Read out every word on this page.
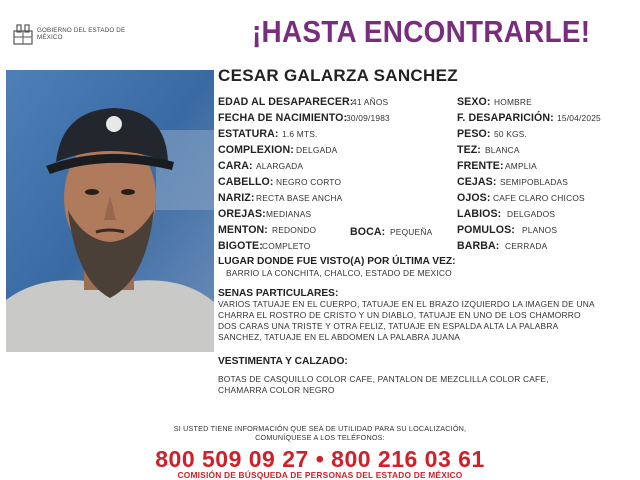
GOBIERNO DEL ESTADO DE MÉXICO	¡HASTA ENCONTRARLE!
CESAR GALARZA SANCHEZ
EDAD AL DESAPARECER:
41 AÑOS
FECHA DE NACIMIENTO:
30/09/1983
ESTATURA: 1.6 MTS.
COMPLEXION: DELGADA
CARA: ALARGADA
CABELLO: NEGRO CORTO
NARIZ: RECTA BASE ANCHA
OREJAS: MEDIANAS
MENTON: REDONDO	BOCA: PEQUEÑA
BIGOTE: COMPLETO
SEXO: HOMBRE
F. DESAPARICIÓN: 15/04/2025
PESO: 50 KGS.
TEZ: BLANCA
FRENTE: AMPLIA
CEJAS: SEMIPOBLADAS
OJOS: CAFE CLARO CHICOS
LABIOS: DELGADOS
POMULOS: PLANOS
BARBA: CERRADA
LUGAR DONDE FUE VISTO(A) POR ÚLTIMA VEZ:
BARRIO LA CONCHITA, CHALCO, ESTADO DE MEXICO
SENAS PARTICULARES:
VARIOS TATUAJE EN EL CUERPO, TATUAJE EN EL BRAZO IZQUIERDO LA IMAGEN DE UNA
CHARRA EL ROSTRO DE CRISTO Y UN DIABLO, TATUAJE EN UNO DE LOS CHAMORRO
DOS CARAS UNA TRISTE Y OTRA FELIZ, TATUAJE EN ESPALDA ALTA LA PALABRA
SANCHEZ, TATUAJE EN EL ABDOMEN LA PALABRA JUANA
VESTIMENTA Y CALZADO:
BOTAS DE CASQUILLO COLOR CAFE, PANTALON DE MEZCLILLA COLOR CAFE,
CHAMARRA COLOR NEGRO
SI USTED TIENE INFORMACIÓN QUE SEA DE UTILIDAD PARA SU LOCALIZACIÓN,
COMUNÍQUESE A LOS TELÉFONOS:
800 509 09 27 • 800 216 03 61
COMISIÓN DE BÚSQUEDA DE PERSONAS DEL ESTADO DE MÉXICO
